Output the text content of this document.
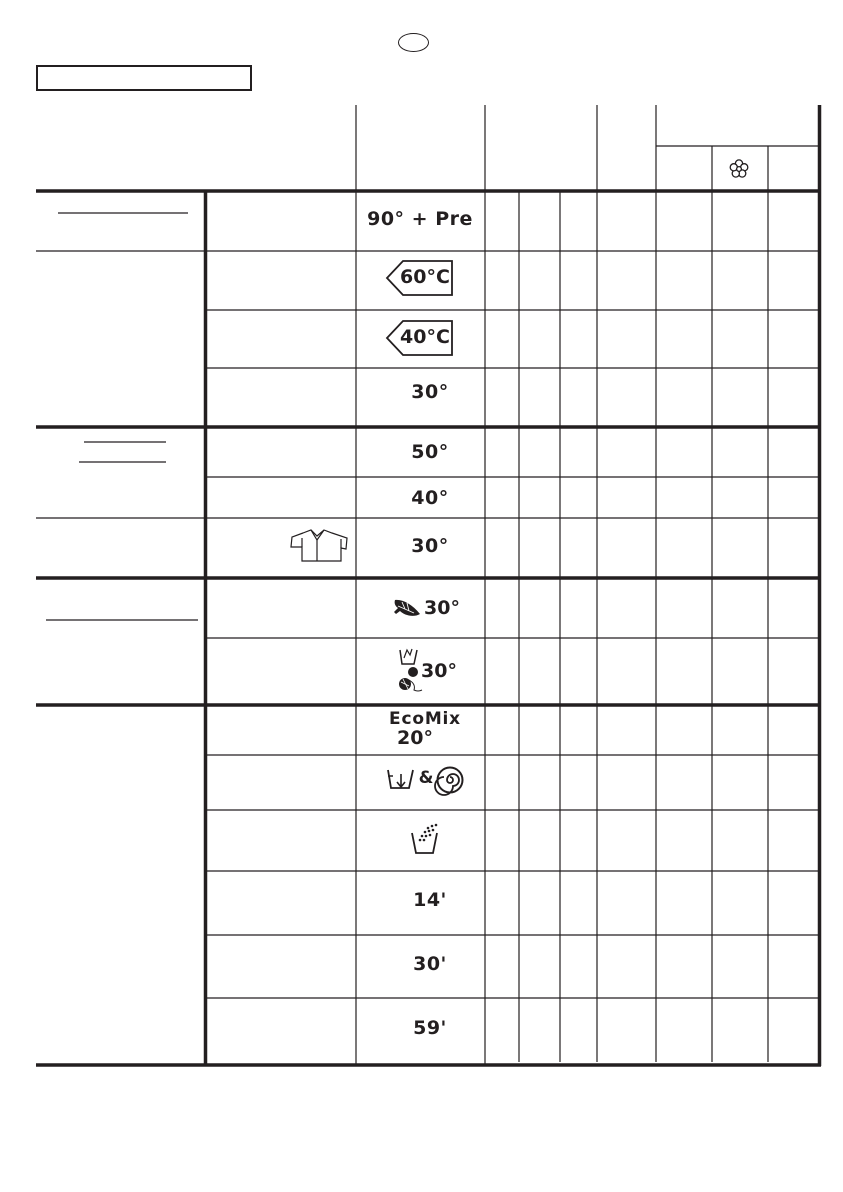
90° + Pre
60°C
40°C
30°
50°
40°
30°
30°
30°
EcoMix
20°
&
14'
30'
59'
